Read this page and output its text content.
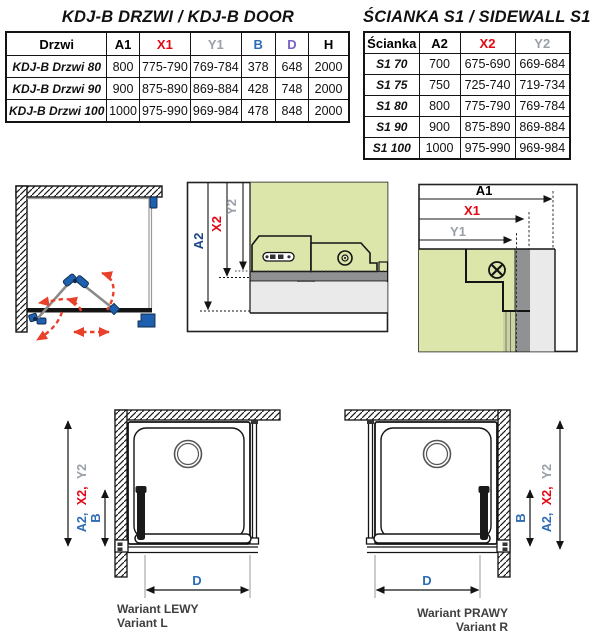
KDJ-B DRZWI / KDJ-B DOOR
Drzwi	A1	X1	Y1	B	D	H
KDJ-B Drzwi 80	800	775-790	769-784	378	648	2000
KDJ-B Drzwi 90	900	875-890	869-884	428	748	2000
KDJ-B Drzwi 100	1000	975-990	969-984	478	848	2000
ŚCIANKA S1 / SIDEWALL S1
Ścianka	A2	X2	Y2
S1 70	700	675-690	669-684
S1 75	750	725-740	719-734
S1 80	800	775-790	769-784
S1 90	900	875-890	869-884
S1 100	1000	975-990	969-984
A2
X2
Y2
A1
X1
Y1
A2, X2, Y2
B
D
A2, X2, Y2
B
D
Wariant LEWY
Variant L
Wariant PRAWY
Variant R
